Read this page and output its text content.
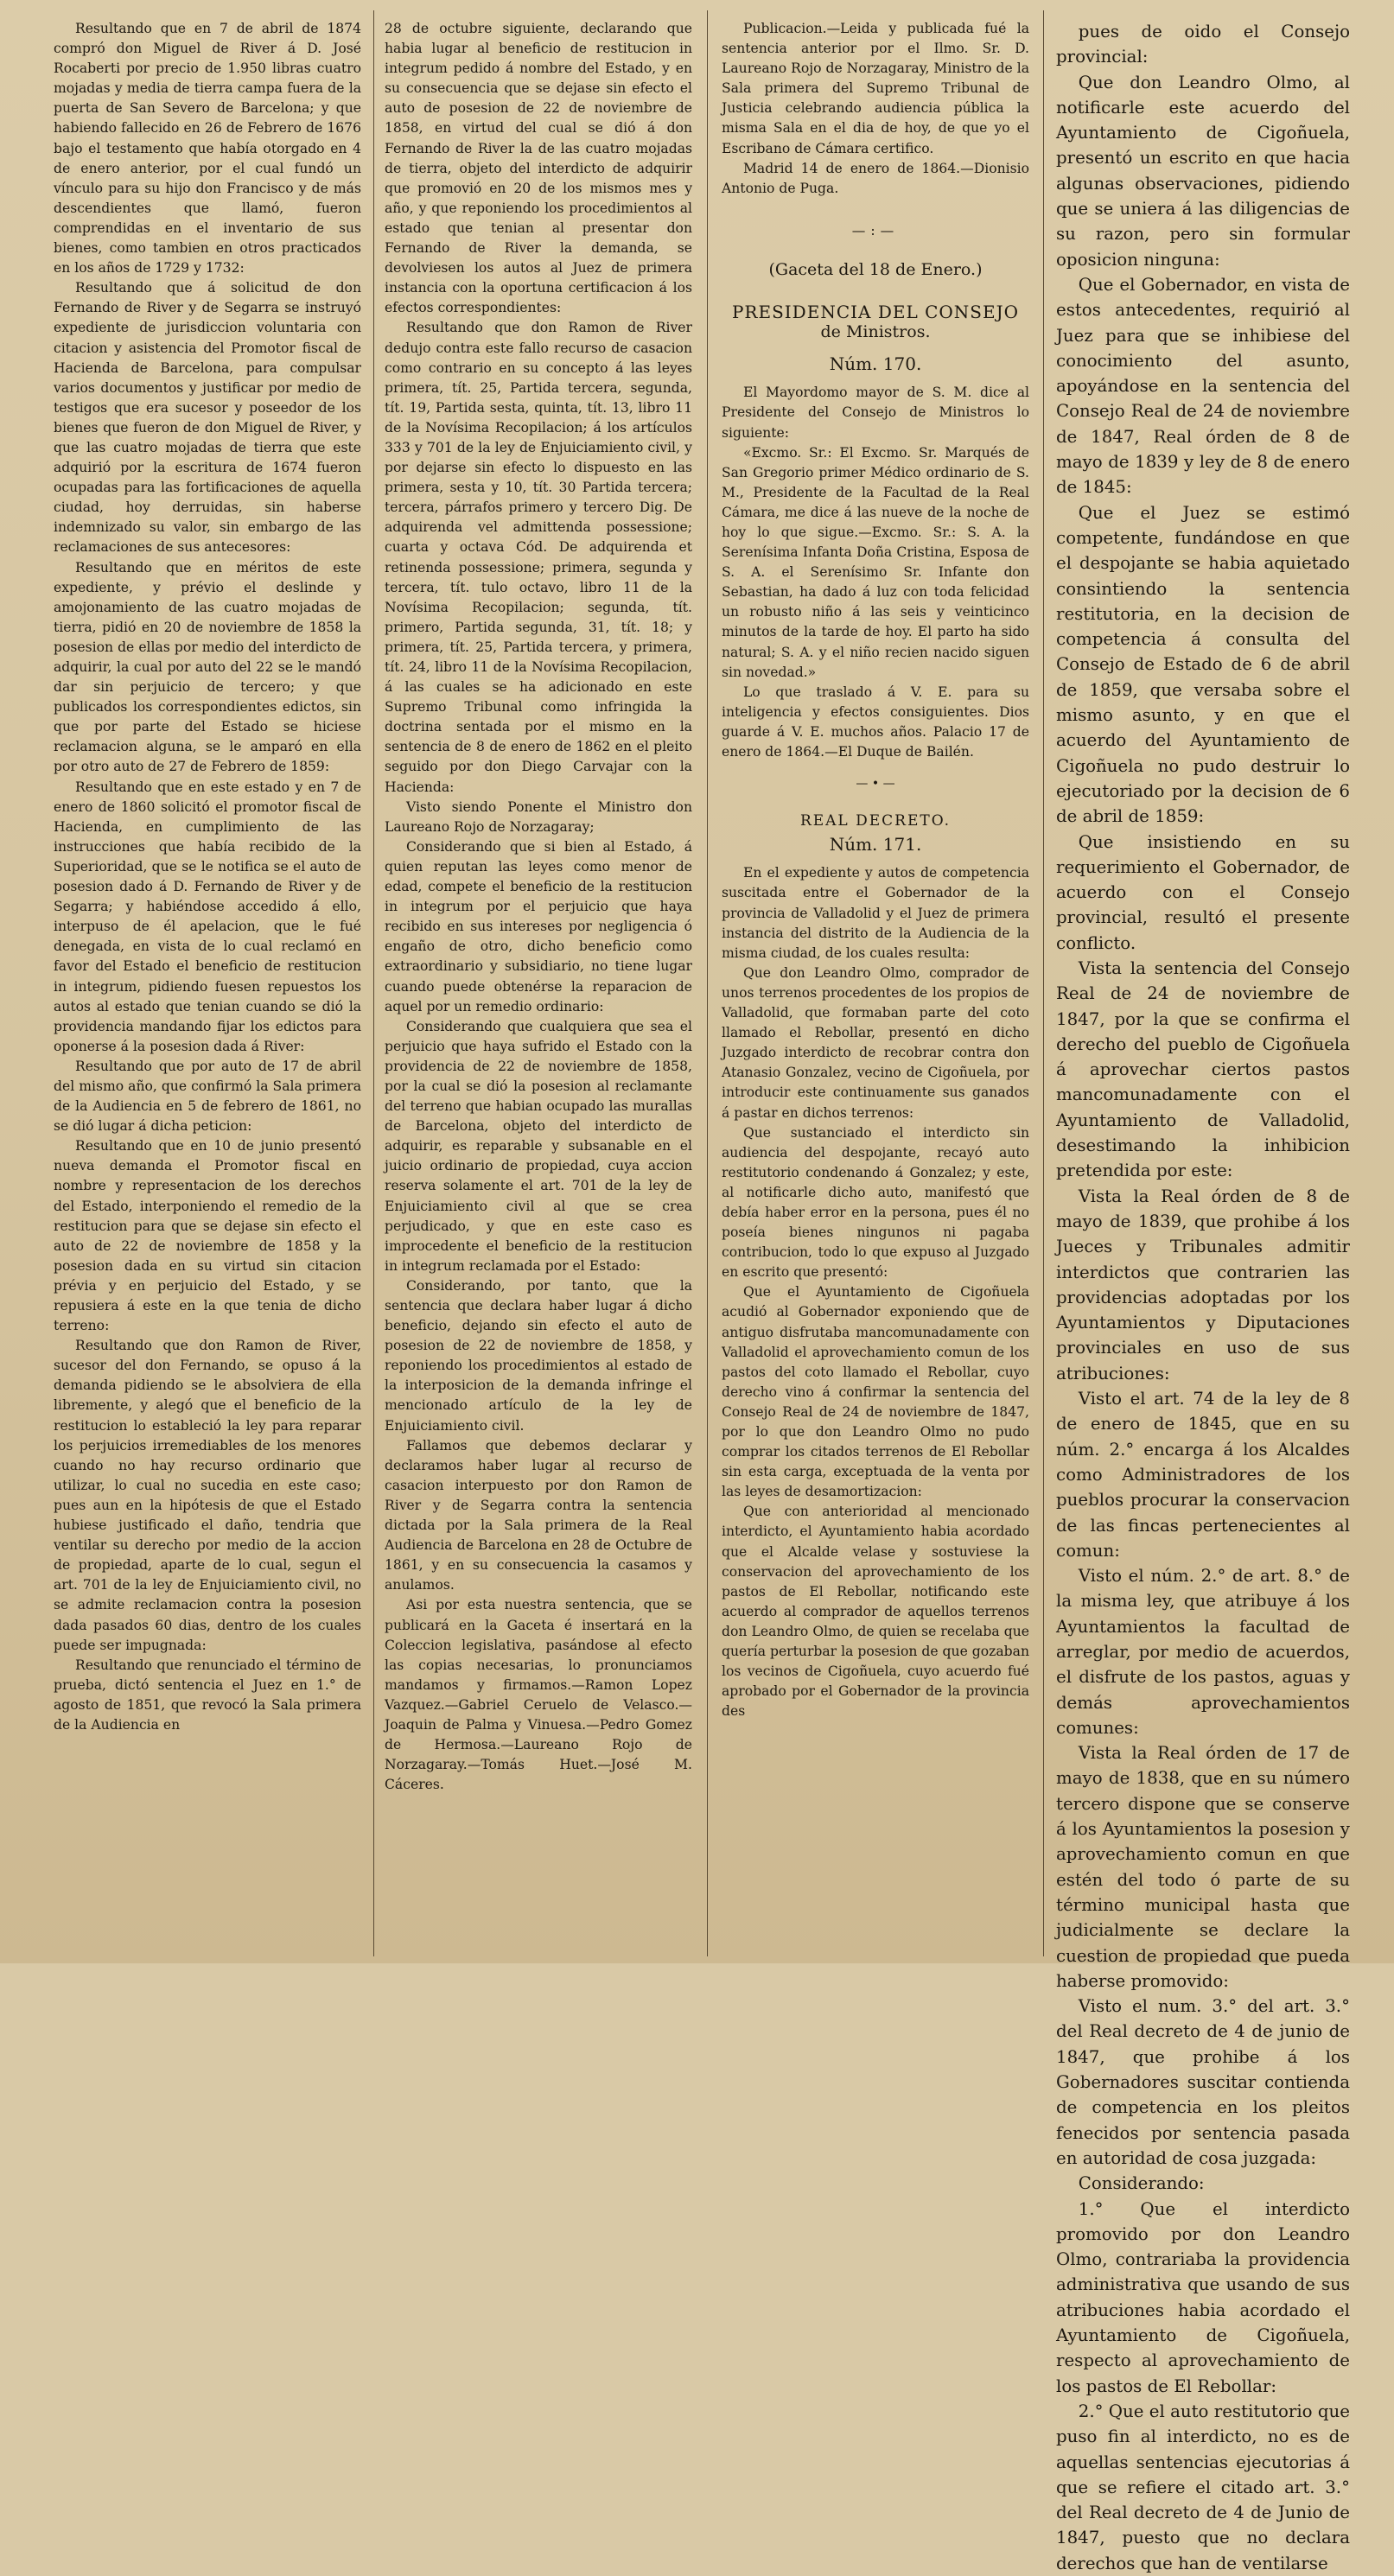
Resultando que en 7 de abril de 1874 compró don Miguel de River á D. José Rocaberti por precio de 1.950 libras cuatro mojadas y media de tierra campa fuera de la puerta de San Severo de Barcelona; y que habiendo fallecido en 26 de Febrero de 1676 bajo el testamento que había otorgado en 4 de enero anterior, por el cual fundó un vínculo para su hijo don Francisco y de más descendientes que llamó, fueron comprendidas en el inventario de sus bienes, como tambien en otros practicados en los años de 1729 y 1732:

Resultando que á solicitud de don Fernando de River y de Segarra se instruyó expediente de jurisdiccion voluntaria con citacion y asistencia del Promotor fiscal de Hacienda de Barcelona, para compulsar varios documentos y justificar por medio de testigos que era sucesor y poseedor de los bienes que fueron de don Miguel de River, y que las cuatro mojadas de tierra que este adquirió por la escritura de 1674 fueron ocupadas para las fortificaciones de aquella ciudad, hoy derruidas, sin haberse indemnizado su valor, sin embargo de las reclamaciones de sus antecesores:

Resultando que en méritos de este expediente, y prévio el deslinde y amojonamiento de las cuatro mojadas de tierra, pidió en 20 de noviembre de 1858 la posesion de ellas por medio del interdicto de adquirir, la cual por auto del 22 se le mandó dar sin perjuicio de tercero; y que publicados los correspondientes edictos, sin que por parte del Estado se hiciese reclamacion alguna, se le amparó en ella por otro auto de 27 de Febrero de 1859:

Resultando que en este estado y en 7 de enero de 1860 solicitó el promotor fiscal de Hacienda, en cumplimiento de las instrucciones que había recibido de la Superioridad, que se le notifica se el auto de posesion dado á D. Fernando de River y de Segarra; y habiéndose accedido á ello, interpuso de él apelacion, que le fué denegada, en vista de lo cual reclamó en favor del Estado el beneficio de restitucion in integrum, pidiendo fuesen repuestos los autos al estado que tenian cuando se dió la providencia mandando fijar los edictos para oponerse á la posesion dada á River:

Resultando que por auto de 17 de abril del mismo año, que confirmó la Sala primera de la Audiencia en 5 de febrero de 1861, no se dió lugar á dicha peticion:

Resultando que en 10 de junio presentó nueva demanda el Promotor fiscal en nombre y representacion de los derechos del Estado, interponiendo el remedio de la restitucion para que se dejase sin efecto el auto de 22 de noviembre de 1858 y la posesion dada en su virtud sin citacion prévia y en perjuicio del Estado, y se repusiera á este en la que tenia de dicho terreno:

Resultando que don Ramon de River, sucesor del don Fernando, se opuso á la demanda pidiendo se le absolviera de ella libremente, y alegó que el beneficio de la restitucion lo estableció la ley para reparar los perjuicios irremediables de los menores cuando no hay recurso ordinario que utilizar, lo cual no sucedia en este caso; pues aun en la hipótesis de que el Estado hubiese justificado el daño, tendria que ventilar su derecho por medio de la accion de propiedad, aparte de lo cual, segun el art. 701 de la ley de Enjuiciamiento civil, no se admite reclamacion contra la posesion dada pasados 60 dias, dentro de los cuales puede ser impugnada:

Resultando que renunciado el término de prueba, dictó sentencia el Juez en 1.° de agosto de 1851, que revocó la Sala primera de la Audiencia en

28 de octubre siguiente, declarando que habia lugar al beneficio de restitucion in integrum pedido á nombre del Estado, y en su consecuencia que se dejase sin efecto el auto de posesion de 22 de noviembre de 1858, en virtud del cual se dió á don Fernando de River la de las cuatro mojadas de tierra, objeto del interdicto de adquirir que promovió en 20 de los mismos mes y año, y que reponiendo los procedimientos al estado que tenian al presentar don Fernando de River la demanda, se devolviesen los autos al Juez de primera instancia con la oportuna certificacion á los efectos correspondientes:

Resultando que don Ramon de River dedujo contra este fallo recurso de casacion como contrario en su concepto á las leyes primera, tít. 25, Partida tercera, segunda, tít. 19, Partida sesta, quinta, tít. 13, libro 11 de la Novísima Recopilacion; á los artículos 333 y 701 de la ley de Enjuiciamiento civil, y por dejarse sin efecto lo dispuesto en las primera, sesta y 10, tít. 30 Partida tercera; tercera, párrafos primero y tercero Dig. De adquirenda vel admittenda possessione; cuarta y octava Cód. De adquirenda et retinenda possessione; primera, segunda y tercera, tít. tulo octavo, libro 11 de la Novísima Recopilacion; segunda, tít. primero, Partida segunda, 31, tít. 18; y primera, tít. 25, Partida tercera, y primera, tít. 24, libro 11 de la Novísima Recopilacion, á las cuales se ha adicionado en este Supremo Tribunal como infringida la doctrina sentada por el mismo en la sentencia de 8 de enero de 1862 en el pleito seguido por don Diego Carvajar con la Hacienda:

Visto siendo Ponente el Ministro don Laureano Rojo de Norzagaray;

Considerando que si bien al Estado, á quien reputan las leyes como menor de edad, compete el beneficio de la restitucion in integrum por el perjuicio que haya recibido en sus intereses por negligencia ó engaño de otro, dicho beneficio como extraordinario y subsidiario, no tiene lugar cuando puede obtenérse la reparacion de aquel por un remedio ordinario:

Considerando que cualquiera que sea el perjuicio que haya sufrido el Estado con la providencia de 22 de noviembre de 1858, por la cual se dió la posesion al reclamante del terreno que habian ocupado las murallas de Barcelona, objeto del interdicto de adquirir, es reparable y subsanable en el juicio ordinario de propiedad, cuya accion reserva solamente el art. 701 de la ley de Enjuiciamiento civil al que se crea perjudicado, y que en este caso es improcedente el beneficio de la restitucion in integrum reclamada por el Estado:

Considerando, por tanto, que la sentencia que declara haber lugar á dicho beneficio, dejando sin efecto el auto de posesion de 22 de noviembre de 1858, y reponiendo los procedimientos al estado de la interposicion de la demanda infringe el mencionado artículo de la ley de Enjuiciamiento civil.

Fallamos que debemos declarar y declaramos haber lugar al recurso de casacion interpuesto por don Ramon de River y de Segarra contra la sentencia dictada por la Sala primera de la Real Audiencia de Barcelona en 28 de Octubre de 1861, y en su consecuencia la casamos y anulamos.

Asi por esta nuestra sentencia, que se publicará en la Gaceta é insertará en la Coleccion legislativa, pasándose al efecto las copias necesarias, lo pronunciamos mandamos y firmamos.—Ramon Lopez Vazquez.—Gabriel Ceruelo de Velasco.—Joaquin de Palma y Vinuesa.—Pedro Gomez de Hermosa.—Laureano Rojo de Norzagaray.—Tomás Huet.—José M. Cáceres.

Publicacion.—Leida y publicada fué la sentencia anterior por el Ilmo. Sr. D. Laureano Rojo de Norzagaray, Ministro de la Sala primera del Supremo Tribunal de Justicia celebrando audiencia pública la misma Sala en el dia de hoy, de que yo el Escribano de Cámara certifico.

Madrid 14 de enero de 1864.—Dionisio Antonio de Puga.

—:—

(Gaceta del 18 de Enero.)

PRESIDENCIA DEL CONSEJO

de Ministros.

Núm. 170.

El Mayordomo mayor de S. M. dice al Presidente del Consejo de Ministros lo siguiente:

«Excmo. Sr.: El Excmo. Sr. Marqués de San Gregorio primer Médico ordinario de S. M., Presidente de la Facultad de la Real Cámara, me dice á las nueve de la noche de hoy lo que sigue.—Excmo. Sr.: S. A. la Serenísima Infanta Doña Cristina, Esposa de S. A. el Serenísimo Sr. Infante don Sebastian, ha dado á luz con toda felicidad un robusto niño á las seis y veinticinco minutos de la tarde de hoy. El parto ha sido natural; S. A. y el niño recien nacido siguen sin novedad.»

Lo que traslado á V. E. para su inteligencia y efectos consiguientes. Dios guarde á V. E. muchos años. Palacio 17 de enero de 1864.—El Duque de Bailén.

— • —

REAL DECRETO.

Núm. 171.

En el expediente y autos de competencia suscitada entre el Gobernador de la provincia de Valladolid y el Juez de primera instancia del distrito de la Audiencia de la misma ciudad, de los cuales resulta:

Que don Leandro Olmo, comprador de unos terrenos procedentes de los propios de Valladolid, que formaban parte del coto llamado el Rebollar, presentó en dicho Juzgado interdicto de recobrar contra don Atanasio Gonzalez, vecino de Cigoñuela, por introducir este continuamente sus ganados á pastar en dichos terrenos:

Que sustanciado el interdicto sin audiencia del despojante, recayó auto restitutorio condenando á Gonzalez; y este, al notificarle dicho auto, manifestó que debía haber error en la persona, pues él no poseía bienes ningunos ni pagaba contribucion, todo lo que expuso al Juzgado en escrito que presentó:

Que el Ayuntamiento de Cigoñuela acudió al Gobernador exponiendo que de antiguo disfrutaba mancomunadamente con Valladolid el aprovechamiento comun de los pastos del coto llamado el Rebollar, cuyo derecho vino á confirmar la sentencia del Consejo Real de 24 de noviembre de 1847, por lo que don Leandro Olmo no pudo comprar los citados terrenos de El Rebollar sin esta carga, exceptuada de la venta por las leyes de desamortizacion:

Que con anterioridad al mencionado interdicto, el Ayuntamiento habia acordado que el Alcalde velase y sostuviese la conservacion del aprovechamiento de los pastos de El Rebollar, notificando este acuerdo al comprador de aquellos terrenos don Leandro Olmo, de quien se recelaba que quería perturbar la posesion de que gozaban los vecinos de Cigoñuela, cuyo acuerdo fué aprobado por el Gobernador de la provincia des

pues de oido el Consejo provincial:

Que don Leandro Olmo, al notificarle este acuerdo del Ayuntamiento de Cigoñuela, presentó un escrito en que hacia algunas observaciones, pidiendo que se uniera á las diligencias de su razon, pero sin formular oposicion ninguna:

Que el Gobernador, en vista de estos antecedentes, requirió al Juez para que se inhibiese del conocimiento del asunto, apoyándose en la sentencia del Consejo Real de 24 de noviembre de 1847, Real órden de 8 de mayo de 1839 y ley de 8 de enero de 1845:

Que el Juez se estimó competente, fundándose en que el despojante se habia aquietado consintiendo la sentencia restitutoria, en la decision de competencia á consulta del Consejo de Estado de 6 de abril de 1859, que versaba sobre el mismo asunto, y en que el acuerdo del Ayuntamiento de Cigoñuela no pudo destruir lo ejecutoriado por la decision de 6 de abril de 1859:

Que insistiendo en su requerimiento el Gobernador, de acuerdo con el Consejo provincial, resultó el presente conflicto.

Vista la sentencia del Consejo Real de 24 de noviembre de 1847, por la que se confirma el derecho del pueblo de Cigoñuela á aprovechar ciertos pastos mancomunadamente con el Ayuntamiento de Valladolid, desestimando la inhibicion pretendida por este:

Vista la Real órden de 8 de mayo de 1839, que prohibe á los Jueces y Tribunales admitir interdictos que contrarien las providencias adoptadas por los Ayuntamientos y Diputaciones provinciales en uso de sus atribuciones:

Visto el art. 74 de la ley de 8 de enero de 1845, que en su núm. 2.° encarga á los Alcaldes como Administradores de los pueblos procurar la conservacion de las fincas pertenecientes al comun:

Visto el núm. 2.° de art. 8.° de la misma ley, que atribuye á los Ayuntamientos la facultad de arreglar, por medio de acuerdos, el disfrute de los pastos, aguas y demás aprovechamientos comunes:

Vista la Real órden de 17 de mayo de 1838, que en su número tercero dispone que se conserve á los Ayuntamientos la posesion y aprovechamiento comun en que estén del todo ó parte de su término municipal hasta que judicialmente se declare la cuestion de propiedad que pueda haberse promovido:

Visto el num. 3.° del art. 3.° del Real decreto de 4 de junio de 1847, que prohibe á los Gobernadores suscitar contienda de competencia en los pleitos fenecidos por sentencia pasada en autoridad de cosa juzgada:

Considerando:

1.° Que el interdicto promovido por don Leandro Olmo, contrariaba la providencia administrativa que usando de sus atribuciones habia acordado el Ayuntamiento de Cigoñuela, respecto al aprovechamiento de los pastos de El Rebollar:

2.° Que el auto restitutorio que puso fin al interdicto, no es de aquellas sentencias ejecutorias á que se refiere el citado art. 3.° del Real decreto de 4 de Junio de 1847, puesto que no declara derechos que han de ventilarse
